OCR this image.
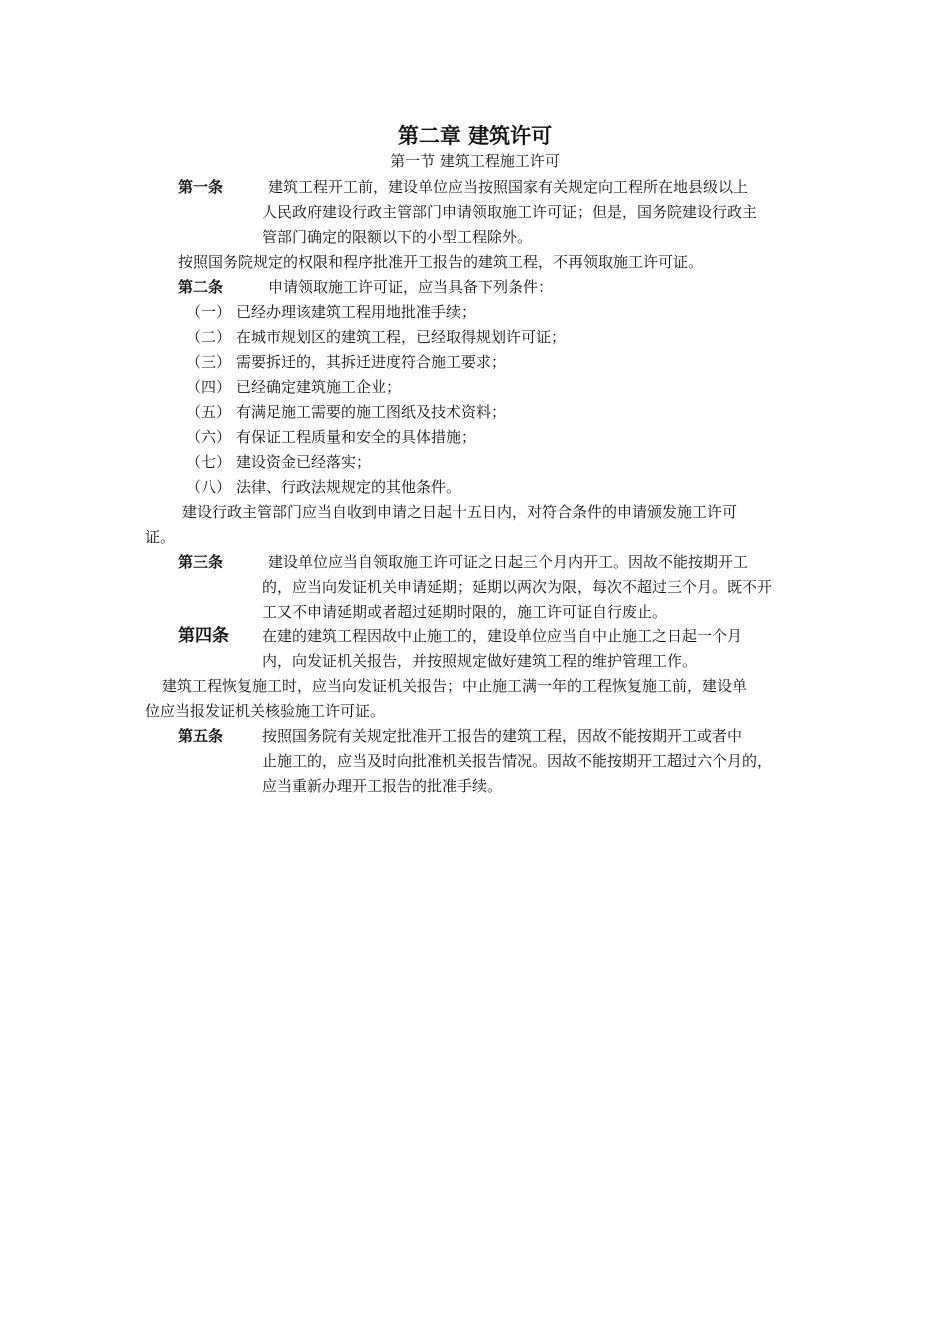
第二章 建筑许可
第一节 建筑工程施工许可
第一条	建筑工程开工前，建设单位应当按照国家有关规定向工程所在地县级以上
人民政府建设行政主管部门申请领取施工许可证；但是，国务院建设行政主
管部门确定的限额以下的小型工程除外。
按照国务院规定的权限和程序批准开工报告的建筑工程，不再领取施工许可证。
第二条	申请领取施工许可证，应当具备下列条件：
（一） 已经办理该建筑工程用地批准手续；
（二） 在城市规划区的建筑工程，已经取得规划许可证；
（三） 需要拆迁的，其拆迁进度符合施工要求；
（四） 已经确定建筑施工企业；
（五） 有满足施工需要的施工图纸及技术资料；
（六） 有保证工程质量和安全的具体措施；
（七） 建设资金已经落实；
（八） 法律、行政法规规定的其他条件。
建设行政主管部门应当自收到申请之日起十五日内，对符合条件的申请颁发施工许可
证。
第三条	建设单位应当自领取施工许可证之日起三个月内开工。因故不能按期开工
的，应当向发证机关申请延期；延期以两次为限，每次不超过三个月。既不开
工又不申请延期或者超过延期时限的，施工许可证自行废止。
第四条 在建的建筑工程因故中止施工的，建设单位应当自中止施工之日起一个月
内，向发证机关报告，并按照规定做好建筑工程的维护管理工作。
建筑工程恢复施工时，应当向发证机关报告；中止施工满一年的工程恢复施工前，建设单
位应当报发证机关核验施工许可证。
第五条	按照国务院有关规定批准开工报告的建筑工程，因故不能按期开工或者中
止施工的，应当及时向批准机关报告情况。因故不能按期开工超过六个月的，
应当重新办理开工报告的批准手续。
